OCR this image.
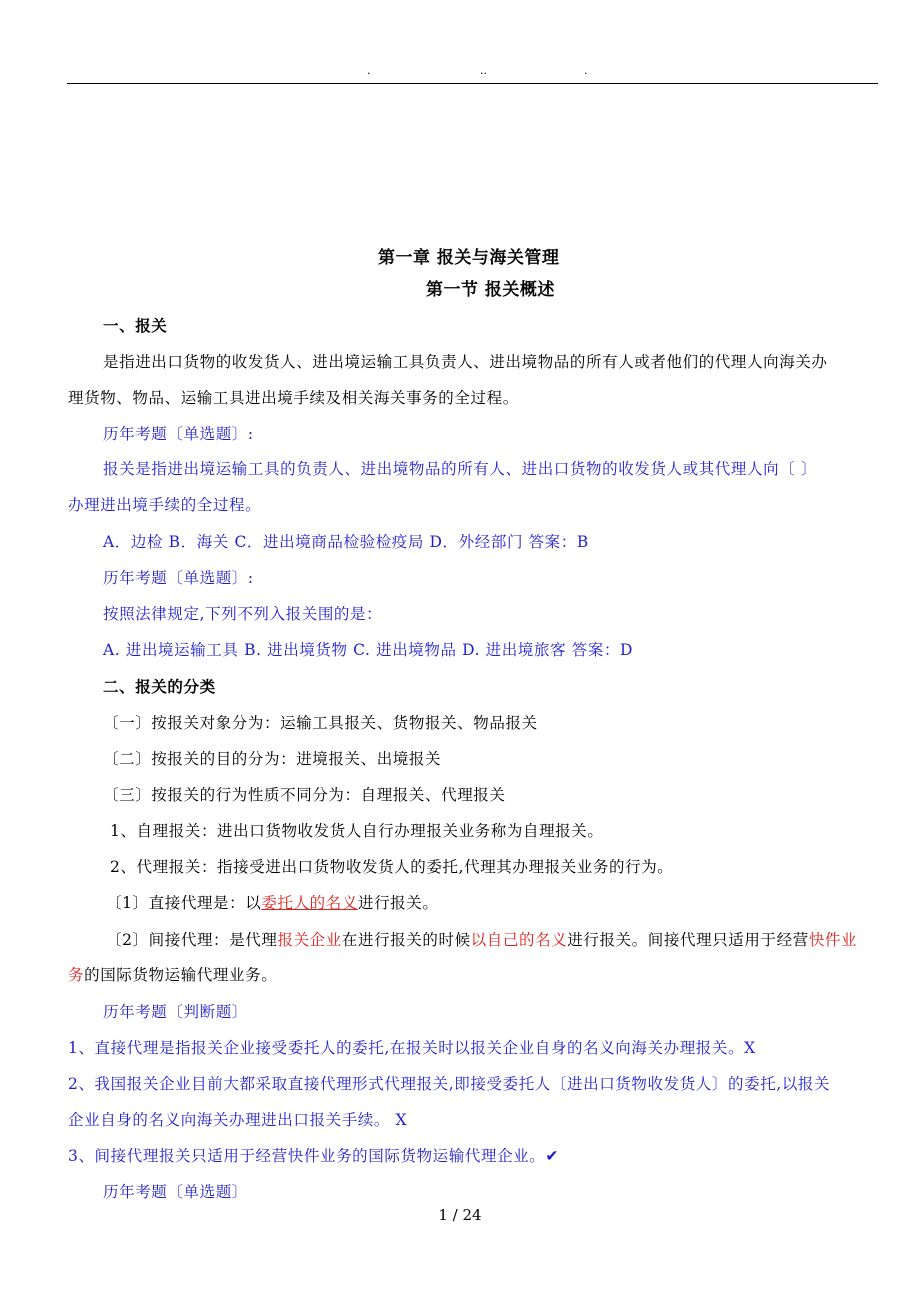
.	..	.
第一章 报关与海关管理
第一节 报关概述
一、报关
是指进出口货物的收发货人、进出境运输工具负责人、进出境物品的所有人或者他们的代理人向海关办
理货物、物品、运输工具进出境手续及相关海关事务的全过程。
历年考题〔单选题〕:
报关是指进出境运输工具的负责人、进出境物品的所有人、进出口货物的收发货人或其代理人向〔 〕
办理进出境手续的全过程。
A．边检 B．海关 C．进出境商品检验检疫局 D．外经部门 答案：B
历年考题〔单选题〕:
按照法律规定,下列不列入报关围的是：
A. 进出境运输工具 B. 进出境货物 C. 进出境物品 D. 进出境旅客 答案：D
二、报关的分类
〔一〕按报关对象分为：运输工具报关、货物报关、物品报关
〔二〕按报关的目的分为：进境报关、出境报关
〔三〕按报关的行为性质不同分为：自理报关、代理报关
1、自理报关：进出口货物收发货人自行办理报关业务称为自理报关。
2、代理报关：指接受进出口货物收发货人的委托,代理其办理报关业务的行为。
〔1〕直接代理是：以委托人的名义进行报关。
〔2〕间接代理：是代理报关企业在进行报关的时候以自己的名义进行报关。间接代理只适用于经营快件业
务的国际货物运输代理业务。
历年考题〔判断题〕
1、直接代理是指报关企业接受委托人的委托,在报关时以报关企业自身的名义向海关办理报关。X
2、我国报关企业目前大都采取直接代理形式代理报关,即接受委托人〔进出口货物收发货人〕的委托,以报关
企业自身的名义向海关办理进出口报关手续。 X
3、间接代理报关只适用于经营快件业务的国际货物运输代理企业。✔
历年考题〔单选题〕
1 / 24
